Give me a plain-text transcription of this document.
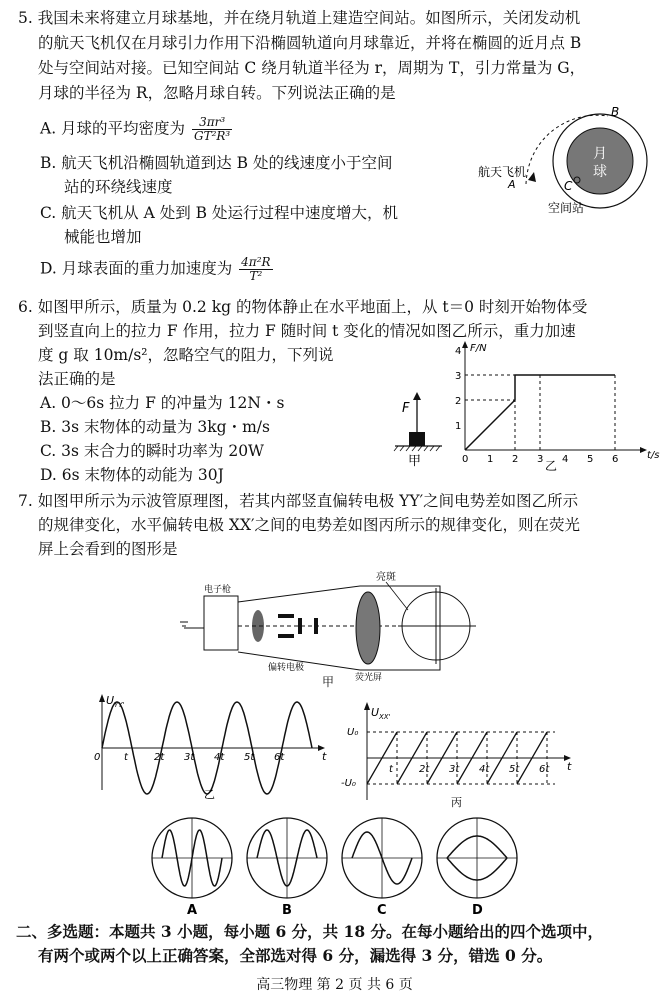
5. 我国未来将建立月球基地，并在绕月轨道上建造空间站。如图所示，关闭发动机
的航天飞机仅在月球引力作用下沿椭圆轨道向月球靠近，并将在椭圆的近月点 B
处与空间站对接。已知空间站 C 绕月轨道半径为 r，周期为 T，引力常量为 G，
月球的半径为 R，忽略月球自转。下列说法正确的是
A. 月球的平均密度为 $\frac{\text{3πr³}}{\text{GT²R³}}$
B. 航天飞机沿椭圆轨道到达 B 处的线速度小于空间
站的环绕线速度
C. 航天飞机从 A 处到 B 处运行过程中速度增大，机
械能也增加
D. 月球表面的重力加速度为 $\frac{\text{4π²R}}{\text{T²}}$
月
球
B
C
航天飞机
A
空间站
6. 如图甲所示，质量为 0.2 kg 的物体静止在水平地面上，从 t＝0 时刻开始物体受
到竖直向上的拉力 F 作用，拉力 F 随时间 t 变化的情况如图乙所示，重力加速
度 g 取 10m/s²，忽略空气的阻力，下列说
法正确的是
A. 0～6s 拉力 F 的冲量为 12N・s
B. 3s 末物体的动量为 3kg・m/s
C. 3s 末合力的瞬时功率为 20W
D. 6s 末物体的动能为 30J
F
甲
F/N
t/s
1
2
3
4
0 1 2 3 4 5 6
乙
7. 如图甲所示为示波管原理图，若其内部竖直偏转电极 YY′之间电势差如图乙所示
的规律变化，水平偏转电极 XX′之间的电势差如图丙所示的规律变化，则在荧光
屏上会看到的图形是
电子枪
偏转电极
荧光屏
亮斑
甲
U YY'
t
0 t	2t 3t 4t 5t 6t
乙
U XX'
U₀
-U₀
t
t	2t 3t 4t 5t 6t
丙
A	B	C	D
二、多选题：本题共 3 小题，每小题 6 分，共 18 分。在每小题给出的四个选项中，
有两个或两个以上正确答案，全部选对得 6 分，漏选得 3 分，错选 0 分。
高三物理 第 2 页 共 6 页
